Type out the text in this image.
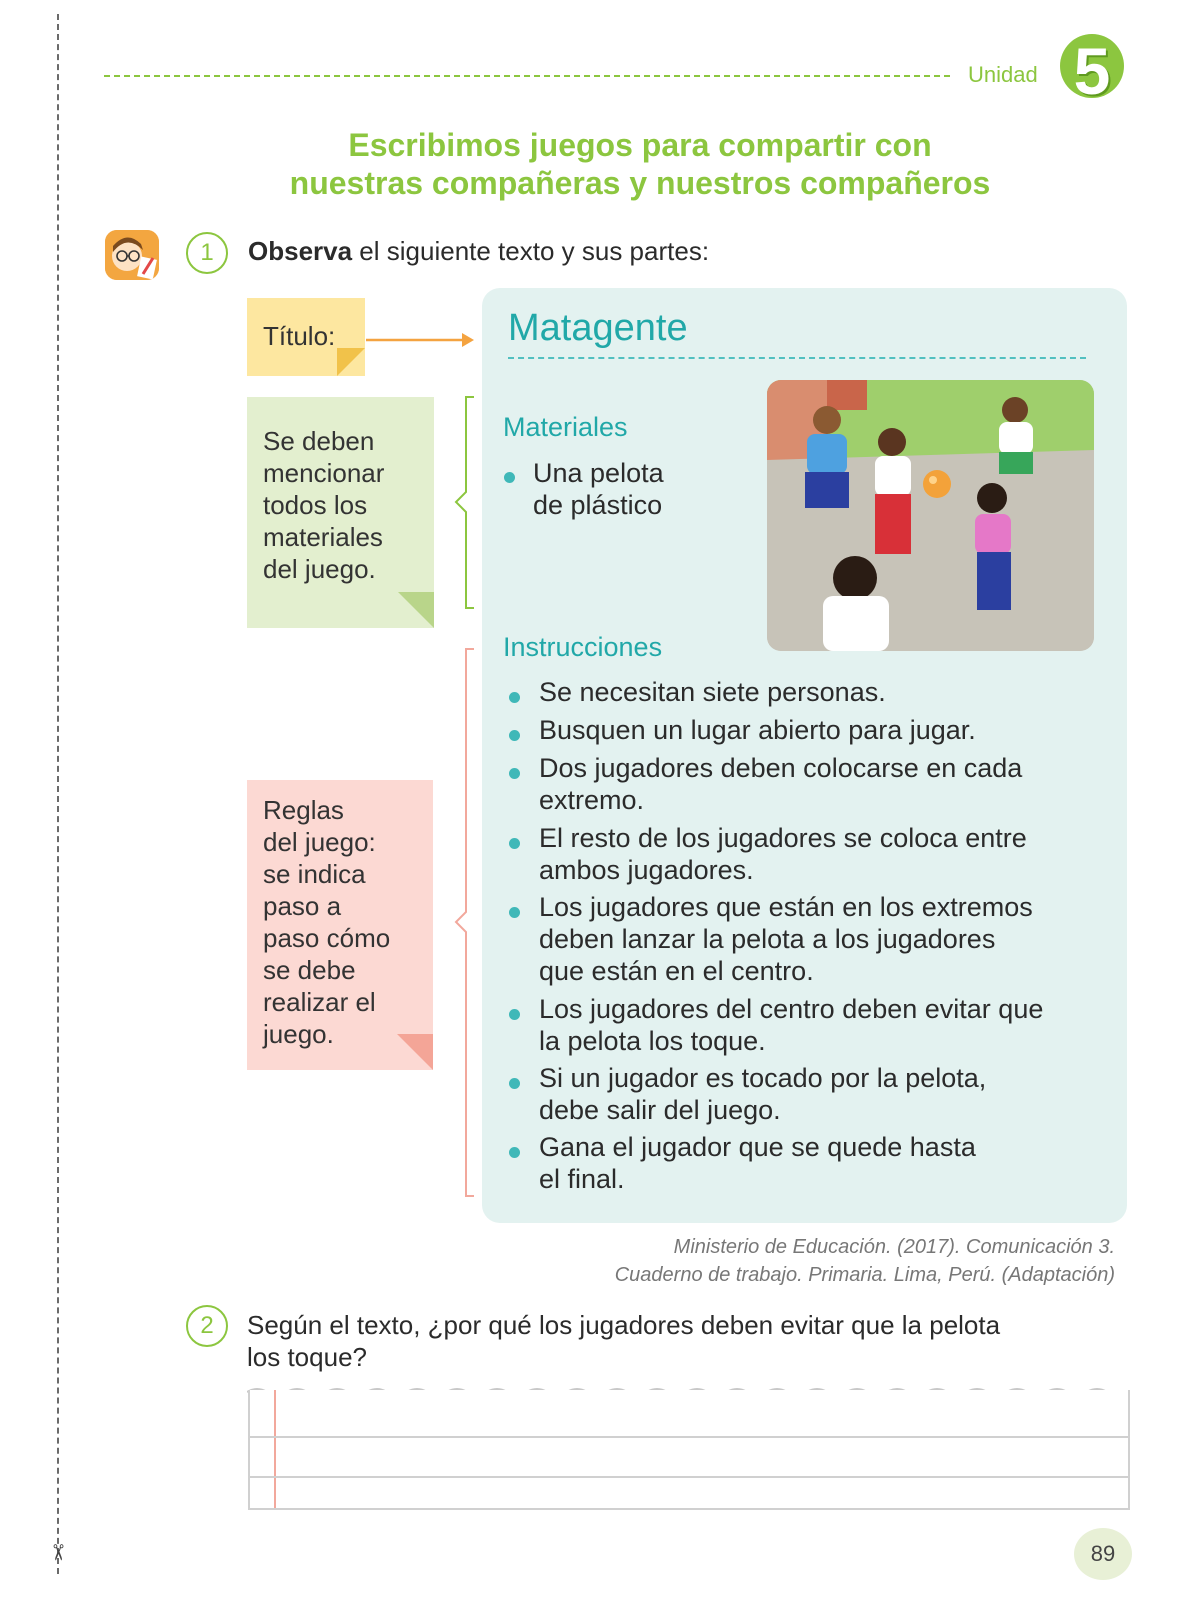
✂
Unidad 5
Escribimos juegos para compartir con
nuestras compañeras y nuestros compañeros
1	Observa el siguiente texto y sus partes:
Título:
Se deben
mencionar
todos los
materiales
del juego.
Reglas
del juego:
se indica
paso a
paso cómo
se debe
realizar el
juego.
Matagente
Materiales
Una pelota
de plástico
Instrucciones
Se necesitan siete personas.
Busquen un lugar abierto para jugar.
Dos jugadores deben colocarse en cada
extremo.
El resto de los jugadores se coloca entre
ambos jugadores.
Los jugadores que están en los extremos
deben lanzar la pelota a los jugadores
que están en el centro.
Los jugadores del centro deben evitar que
la pelota los toque.
Si un jugador es tocado por la pelota,
debe salir del juego.
Gana el jugador que se quede hasta
el final.
Ministerio de Educación. (2017). Comunicación 3.
Cuaderno de trabajo. Primaria. Lima, Perú. (Adaptación)
2	Según el texto, ¿por qué los jugadores deben evitar que la pelota
los toque?
89
